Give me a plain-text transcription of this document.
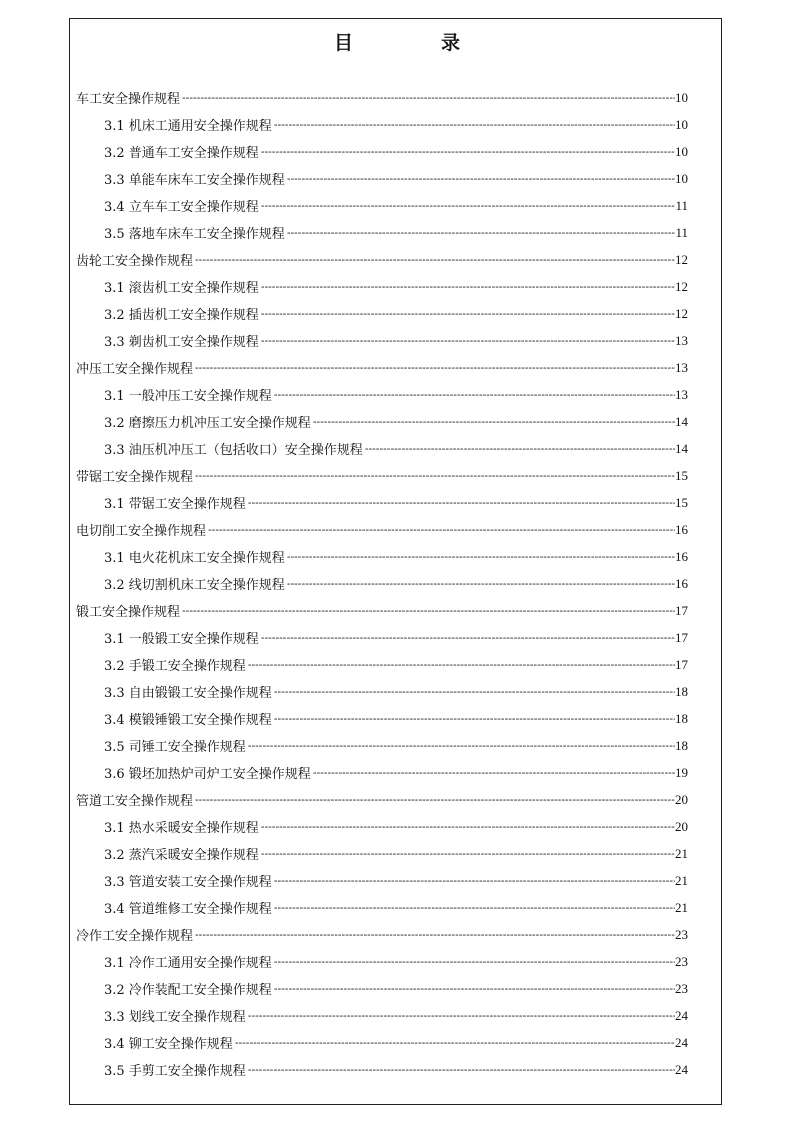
目	录
车工安全操作规程
-----	10
3.1 机床工通用安全操作规程
-----	10
3.2 普通车工安全操作规程
-----	10
3.3 单能车床车工安全操作规程
-----	10
3.4 立车车工安全操作规程
-----	11
3.5 落地车床车工安全操作规程
-----	11
齿轮工安全操作规程
-----	12
3.1 滚齿机工安全操作规程
-----	12
3.2 插齿机工安全操作规程
-----	12
3.3 剃齿机工安全操作规程
-----	13
冲压工安全操作规程
-----	13
3.1 一般冲压工安全操作规程
-----	13
3.2 磨擦压力机冲压工安全操作规程
-----	14
3.3 油压机冲压工（包括收口）安全操作规程
-----	14
带锯工安全操作规程
-----	15
3.1 带锯工安全操作规程
-----	15
电切削工安全操作规程
-----	16
3.1 电火花机床工安全操作规程
-----	16
3.2 线切割机床工安全操作规程
-----	16
锻工安全操作规程
-----	17
3.1 一般锻工安全操作规程
-----	17
3.2 手锻工安全操作规程
-----	17
3.3 自由锻锻工安全操作规程
-----	18
3.4 模锻锤锻工安全操作规程
-----	18
3.5 司锤工安全操作规程
-----	18
3.6 锻坯加热炉司炉工安全操作规程
-----	19
管道工安全操作规程
-----	20
3.1 热水采暖安全操作规程
-----	20
3.2 蒸汽采暖安全操作规程
-----	21
3.3 管道安装工安全操作规程
-----	21
3.4 管道维修工安全操作规程
-----	21
冷作工安全操作规程
-----	23
3.1 冷作工通用安全操作规程
-----	23
3.2 冷作装配工安全操作规程
-----	23
3.3 划线工安全操作规程
-----	24
3.4 铆工安全操作规程
-----	24
3.5 手剪工安全操作规程
-----	24
